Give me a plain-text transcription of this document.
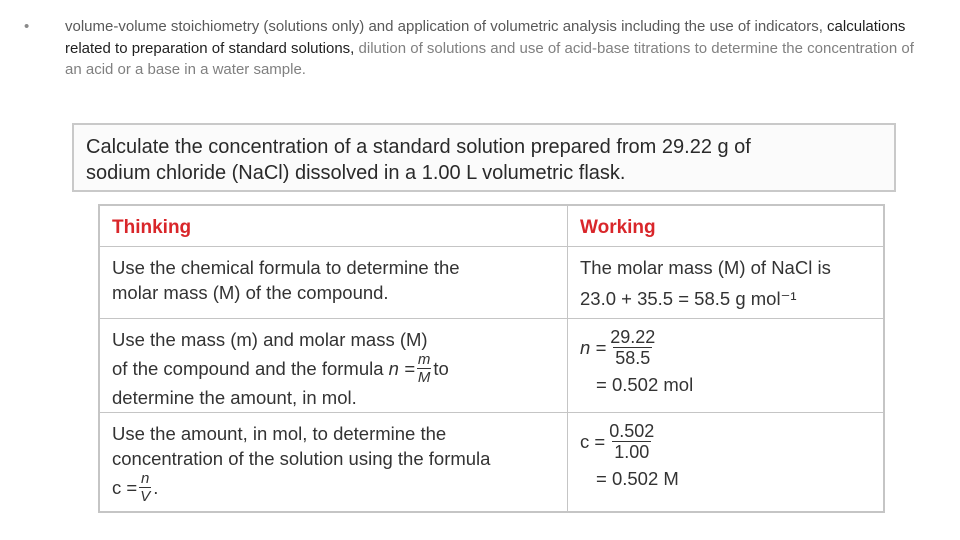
• volume-volume stoichiometry (solutions only) and application of volumetric analysis including the use of indicators, calculations related to preparation of standard solutions, dilution of solutions and use of acid-base titrations to determine the concentration of an acid or a base in a water sample.
Calculate the concentration of a standard solution prepared from 29.22 g of
sodium chloride (NaCl) dissolved in a 1.00 L volumetric flask.
Thinking	Working
Use the chemical formula to determine the
molar mass (M) of the compound.
The molar mass (M) of NaCl is
23.0 + 35.5 = 58.5 g mol⁻¹
Use the mass (m) and molar mass (M)
of the compound and the formula
$n = \frac{m}{M}$ to
determine the amount, in mol.
$n = \frac{29.22}{58.5}$
= 0.502 mol
Use the amount, in mol, to determine the
concentration of the solution using the formula
$c = \frac{n}{V}$ .
$c = \frac{0.502}{1.00}$
= 0.502 M
